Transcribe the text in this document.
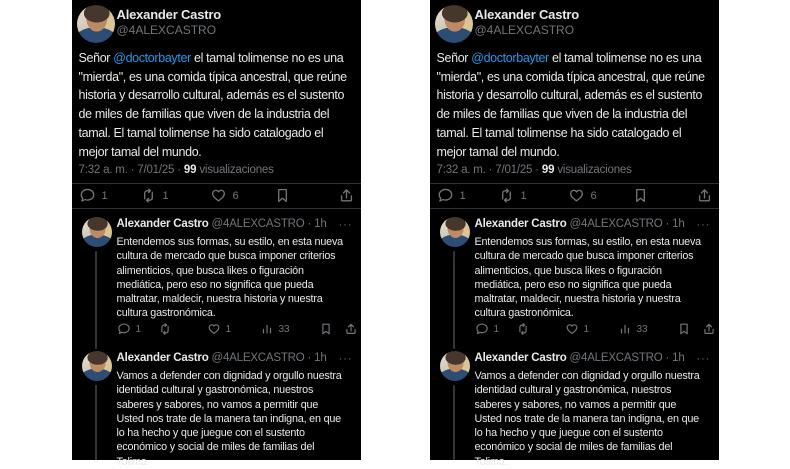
Alexander Castro
@4ALEXCASTRO
Señor @doctorbayter el tamal tolimense no es una
"mierda", es una comida típica ancestral, que reúne
historia y desarrollo cultural, además es el sustento
de miles de familias que viven de la industria del
tamal. El tamal tolimense ha sido catalogado el
mejor tamal del mundo.
7:32 a. m. · 7/01/25 · 99 visualizaciones
1	1	6
Alexander Castro @4ALEXCASTRO · 1h ···
Entendemos sus formas, su estilo, en esta nueva
cultura de mercado que busca imponer criterios
alimenticios, que busca likes o figuración
mediática, pero eso no significa que pueda
maltratar, maldecir, nuestra historia y nuestra
cultura gastronómica.
1	1	33
Alexander Castro @4ALEXCASTRO · 1h ···
Vamos a defender con dignidad y orgullo nuestra
identidad cultural y gastronómica, nuestros
saberes y sabores, no vamos a permitir que
Usted nos trate de la manera tan indigna, en que
lo ha hecho y que juegue con el sustento
económico y social de miles de familias del
Tolima.
Alexander Castro
@4ALEXCASTRO
Señor @doctorbayter el tamal tolimense no es una
"mierda", es una comida típica ancestral, que reúne
historia y desarrollo cultural, además es el sustento
de miles de familias que viven de la industria del
tamal. El tamal tolimense ha sido catalogado el
mejor tamal del mundo.
7:32 a. m. · 7/01/25 · 99 visualizaciones
1	1	6
Alexander Castro @4ALEXCASTRO · 1h ···
Entendemos sus formas, su estilo, en esta nueva
cultura de mercado que busca imponer criterios
alimenticios, que busca likes o figuración
mediática, pero eso no significa que pueda
maltratar, maldecir, nuestra historia y nuestra
cultura gastronómica.
1	1	33
Alexander Castro @4ALEXCASTRO · 1h ···
Vamos a defender con dignidad y orgullo nuestra
identidad cultural y gastronómica, nuestros
saberes y sabores, no vamos a permitir que
Usted nos trate de la manera tan indigna, en que
lo ha hecho y que juegue con el sustento
económico y social de miles de familias del
Tolima.
